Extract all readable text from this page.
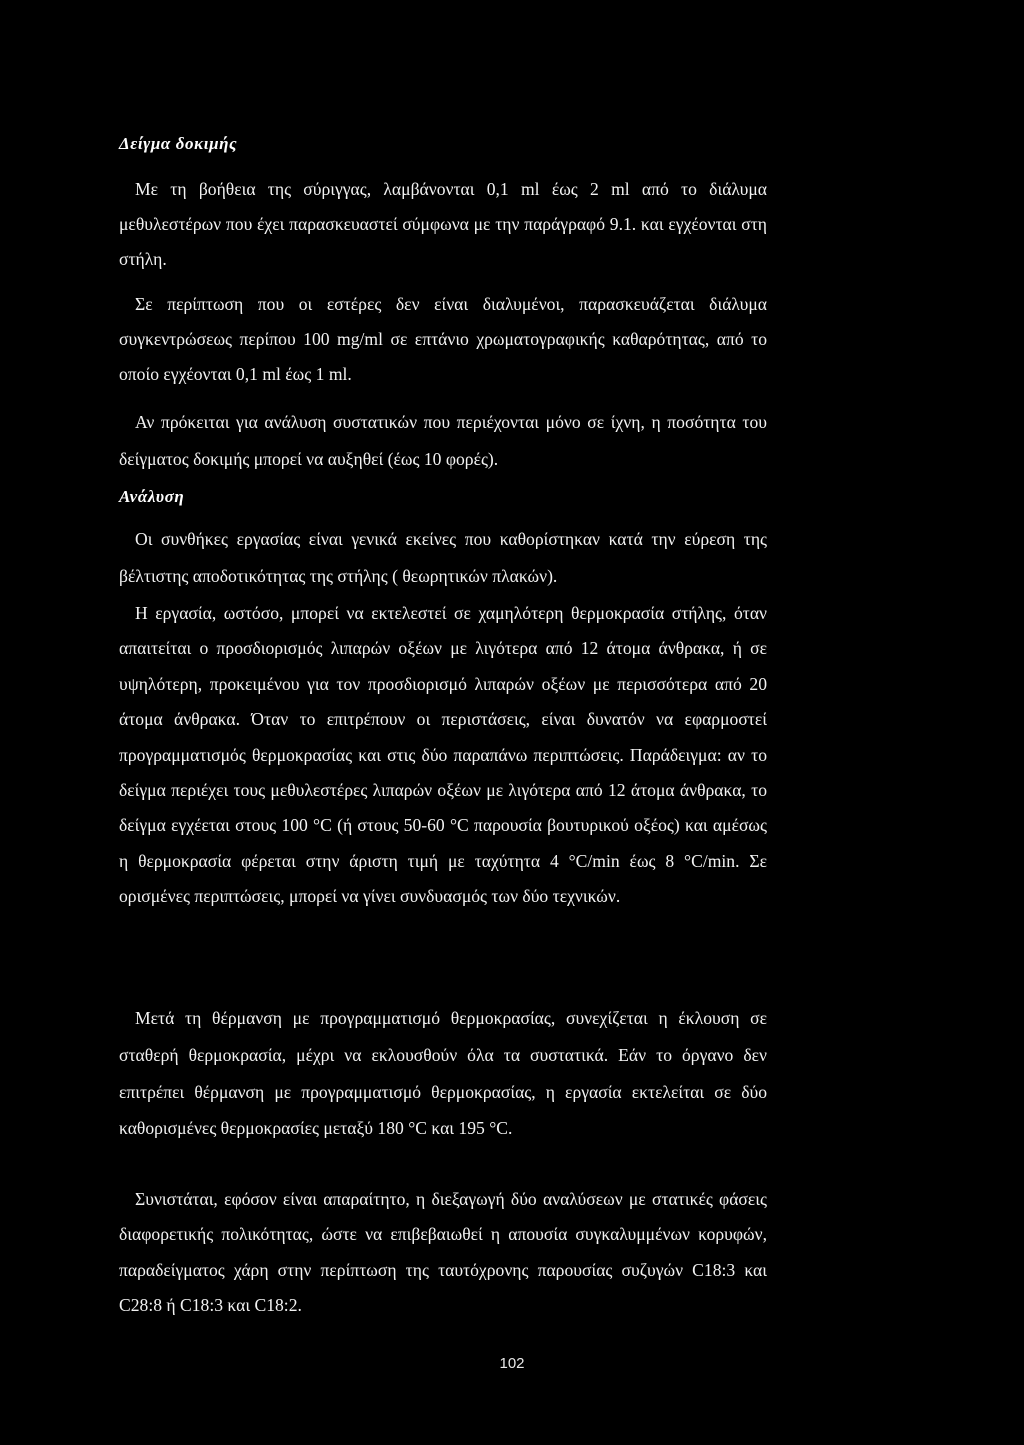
Δείγμα δοκιμής

Με τη βοήθεια της σύριγγας, λαμβάνονται 0,1 ml έως 2 ml από το διάλυμα μεθυλεστέρων που έχει παρασκευαστεί σύμφωνα με την παράγραφό 9.1. και εγχέονται στη στήλη.

Σε περίπτωση που οι εστέρες δεν είναι διαλυμένοι, παρασκευάζεται διάλυμα συγκεντρώσεως περίπου 100 mg/ml σε επτάνιο χρωματογραφικής καθαρότητας, από το οποίο εγχέονται 0,1 ml έως 1 ml.

Αν πρόκειται για ανάλυση συστατικών που περιέχονται μόνο σε ίχνη, η ποσότητα του δείγματος δοκιμής μπορεί να αυξηθεί (έως 10 φορές).

Ανάλυση

Οι συνθήκες εργασίας είναι γενικά εκείνες που καθορίστηκαν κατά την εύρεση της βέλτιστης αποδοτικότητας της στήλης ( θεωρητικών πλακών).

Η εργασία, ωστόσο, μπορεί να εκτελεστεί σε χαμηλότερη θερμοκρασία στήλης, όταν απαιτείται ο προσδιορισμός λιπαρών οξέων με λιγότερα από 12 άτομα άνθρακα, ή σε υψηλότερη, προκειμένου για τον προσδιορισμό λιπαρών οξέων με περισσότερα από 20 άτομα άνθρακα. Όταν το επιτρέπουν οι περιστάσεις, είναι δυνατόν να εφαρμοστεί προγραμματισμός θερμοκρασίας και στις δύο παραπάνω περιπτώσεις. Παράδειγμα: αν το δείγμα περιέχει τους μεθυλεστέρες λιπαρών οξέων με λιγότερα από 12 άτομα άνθρακα, το δείγμα εγχέεται στους 100 °C (ή στους 50-60 °C παρουσία βουτυρικού οξέος) και αμέσως η θερμοκρασία φέρεται στην άριστη τιμή με ταχύτητα 4 °C/min έως 8 °C/min. Σε ορισμένες περιπτώσεις, μπορεί να γίνει συνδυασμός των δύο τεχνικών.

Μετά τη θέρμανση με προγραμματισμό θερμοκρασίας, συνεχίζεται η έκλουση σε σταθερή θερμοκρασία, μέχρι να εκλουσθούν όλα τα συστατικά. Εάν το όργανο δεν επιτρέπει θέρμανση με προγραμματισμό θερμοκρασίας, η εργασία εκτελείται σε δύο καθορισμένες θερμοκρασίες μεταξύ 180 °C και 195 °C.

Συνιστάται, εφόσον είναι απαραίτητο, η διεξαγωγή δύο αναλύσεων με στατικές φάσεις διαφορετικής πολικότητας, ώστε να επιβεβαιωθεί η απουσία συγκαλυμμένων κορυφών, παραδείγματος χάρη στην περίπτωση της ταυτόχρονης παρουσίας συζυγών C18:3 και C28:8 ή C18:3 και C18:2.

102
